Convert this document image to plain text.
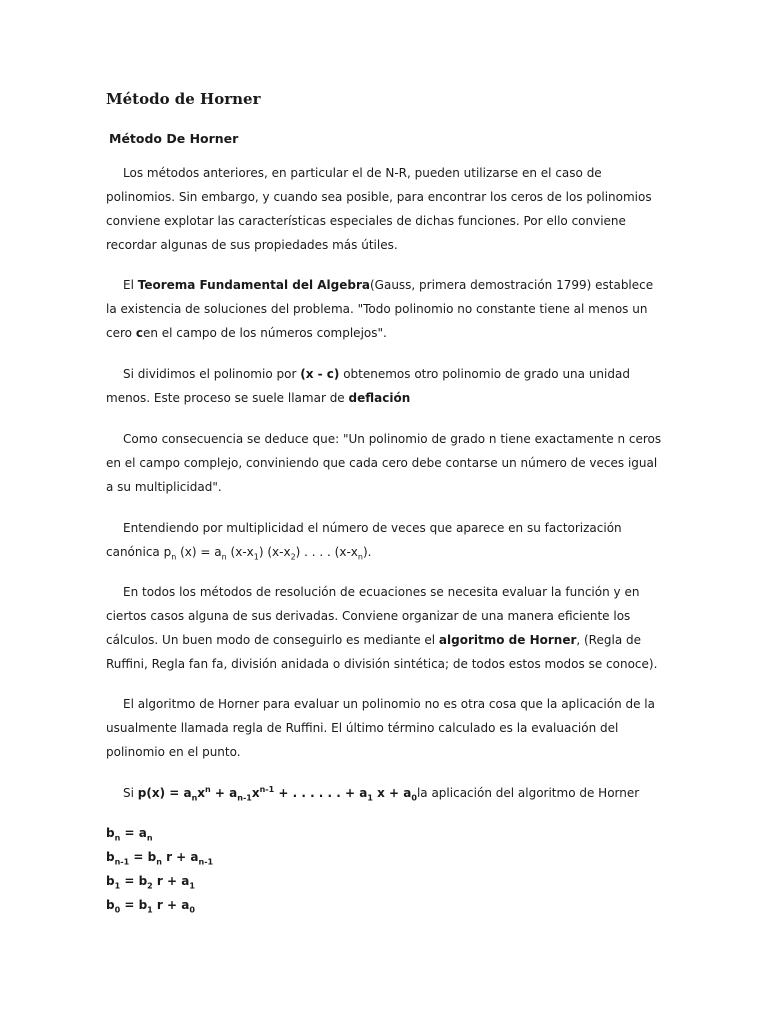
Método de Horner
Método De Horner

Los métodos anteriores, en particular el de N-R, pueden utilizarse en el caso de polinomios. Sin embargo, y cuando sea posible, para encontrar los ceros de los polinomios conviene explotar las características especiales de dichas funciones. Por ello conviene recordar algunas de sus propiedades más útiles.

El Teorema Fundamental del Algebra(Gauss, primera demostración 1799) establece la existencia de soluciones del problema. "Todo polinomio no constante tiene al menos un cero cen el campo de los números complejos".

Si dividimos el polinomio por (x - c) obtenemos otro polinomio de grado una unidad menos. Este proceso se suele llamar de deflación

Como consecuencia se deduce que: "Un polinomio de grado n tiene exactamente n ceros en el campo complejo, conviniendo que cada cero debe contarse un número de veces igual a su multiplicidad".

Entendiendo por multiplicidad el número de veces que aparece en su factorización canónica $p_n$ $(x) = a_n$ $(x-x_1)$ $(x-x_2)$ . . . . $(x-x_n)$.

En todos los métodos de resolución de ecuaciones se necesita evaluar la función y en ciertos casos alguna de sus derivadas. Conviene organizar de una manera eficiente los cálculos. Un buen modo de conseguirlo es mediante el algoritmo de Horner, (Regla de Ruffini, Regla fan fa, división anidada o división sintética; de todos estos modos se conoce).

El algoritmo de Horner para evaluar un polinomio no es otra cosa que la aplicación de la usualmente llamada regla de Ruffini. El último término calculado es la evaluación del polinomio en el punto.

Si $p(x) = a_nx^n + a_{n-1}x^{n-1}$ + . . . . . . + $a_1$ $x + a_0la$ aplicación del algoritmo de Horner

$b_n = a_n$

$b_{n-1} = b_n$ $r + a_{n-1}$

$b_1 = b_2$ $r + a_1$

$b_0 = b_1$ $r + a_0$
